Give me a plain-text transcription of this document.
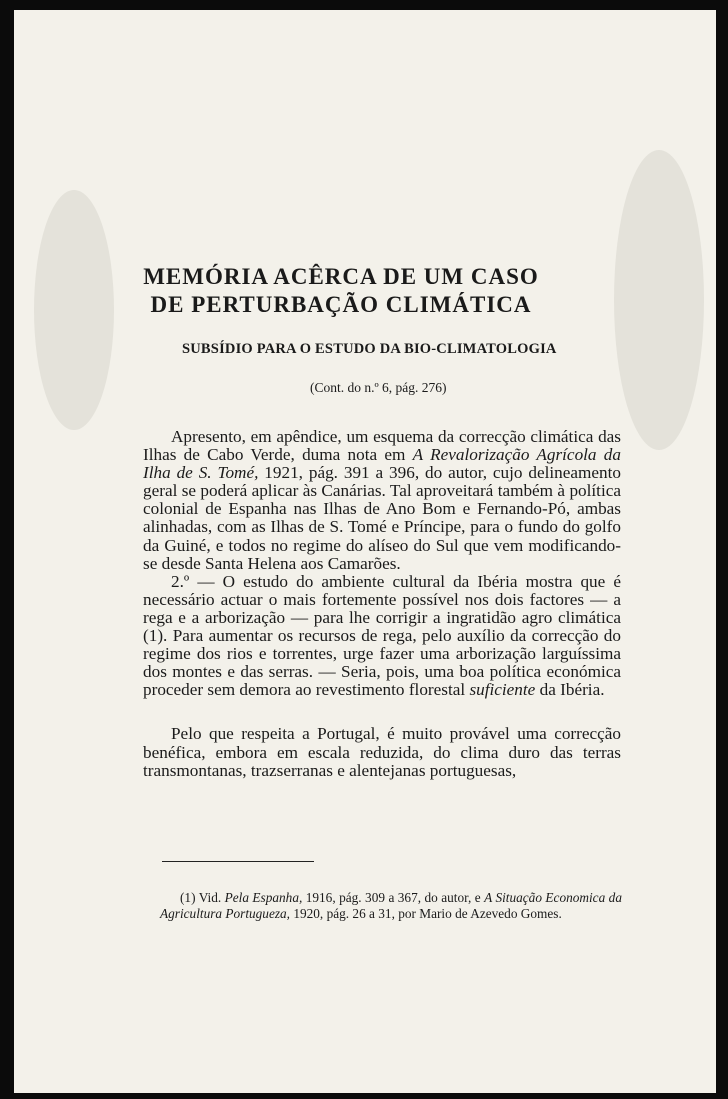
MEMÓRIA ACÊRCA DE UM CASO
DE PERTURBAÇÃO CLIMÁTICA
SUBSÍDIO PARA O ESTUDO DA BIO-CLIMATOLOGIA
(Cont. do n.º 6, pág. 276)

Apresento, em apêndice, um esquema da correcção climática das Ilhas de Cabo Verde, duma nota em A Revalorização Agrícola da Ilha de S. Tomé, 1921, pág. 391 a 396, do autor, cujo delineamento geral se poderá aplicar às Canárias. Tal aproveitará também à política colonial de Espanha nas Ilhas de Ano Bom e Fernando-Pó, ambas alinhadas, com as Ilhas de S. Tomé e Príncipe, para o fundo do golfo da Guiné, e todos no regime do alíseo do Sul que vem modificando-se desde Santa Helena aos Camarões.

2.º — O estudo do ambiente cultural da Ibéria mostra que é necessário actuar o mais fortemente possível nos dois factores — a rega e a arborização — para lhe corrigir a ingratidão agro climática (1). Para aumentar os recursos de rega, pelo auxílio da correcção do regime dos rios e torrentes, urge fazer uma arborização larguíssima dos montes e das serras. — Seria, pois, uma boa política económica proceder sem demora ao revestimento florestal suficiente da Ibéria.

Pelo que respeita a Portugal, é muito provável uma correcção benéfica, embora em escala reduzida, do clima duro das terras transmontanas, trazserranas e alentejanas portuguesas,

(1) Vid. Pela Espanha, 1916, pág. 309 a 367, do autor, e A Situação Economica da Agricultura Portugueza, 1920, pág. 26 a 31, por Mario de Azevedo Gomes.
